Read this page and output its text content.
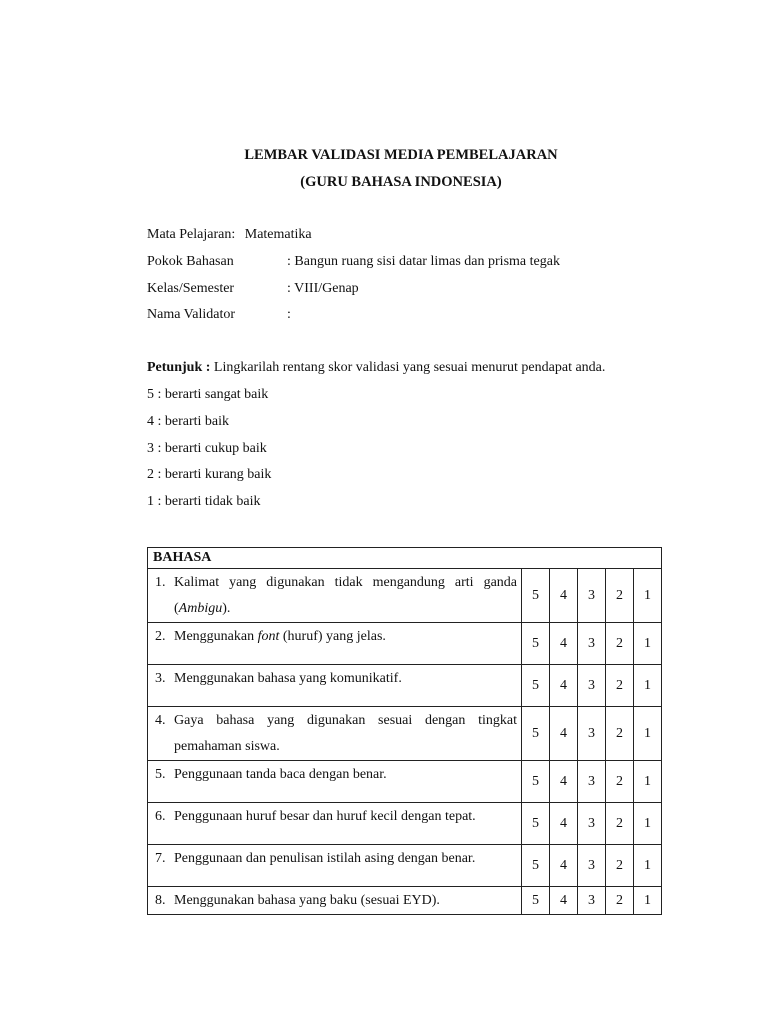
LEMBAR VALIDASI MEDIA PEMBELAJARAN
(GURU BAHASA INDONESIA)
Mata Pelajaran: Matematika
Pokok Bahasan	: Bangun ruang sisi datar limas dan prisma tegak
Kelas/Semester	: VIII/Genap
Nama Validator	:
Petunjuk : Lingkarilah rentang skor validasi yang sesuai menurut pendapat anda.
5 : berarti sangat baik
4 : berarti baik
3 : berarti cukup baik
2 : berarti kurang baik
1 : berarti tidak baik
BAHASA					

1. Kalimat yang digunakan tidak mengandung arti ganda (Ambigu).	5	4	3	2	1

2. Menggunakan font (huruf) yang jelas.	5	4	3	2	1

3. Menggunakan bahasa yang komunikatif.	5	4	3	2	1

4. Gaya bahasa yang digunakan sesuai dengan tingkat pemahaman siswa.	5	4	3	2	1

5. Penggunaan tanda baca dengan benar.	5	4	3	2	1

6. Penggunaan huruf besar dan huruf kecil dengan tepat.	5	4	3	2	1

7. Penggunaan dan penulisan istilah asing dengan benar.	5	4	3	2	1

8. Menggunakan bahasa yang baku (sesuai EYD).	5	4	3	2	1
